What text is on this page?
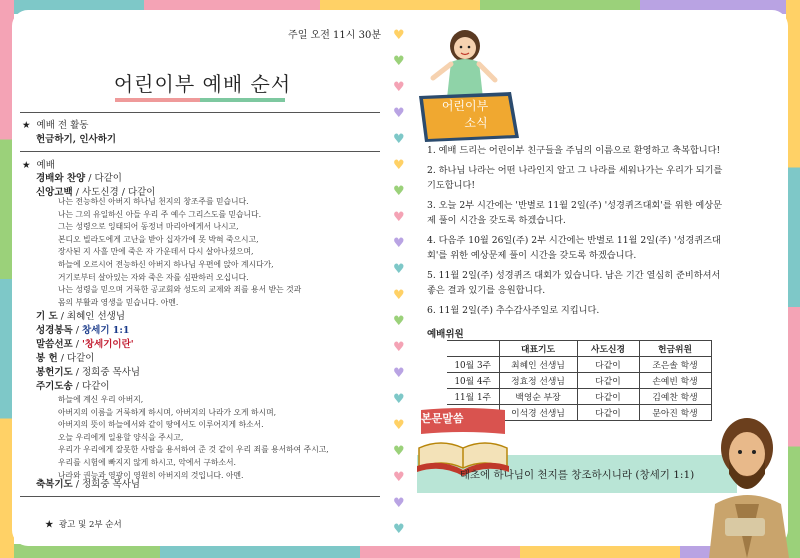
주일 오전 11시 30분
어린이부 예배 순서
★ 예배 전 활동
헌금하기, 인사하기
★ 예배
경배와 찬양 / 다같이
신앙고백 / 사도신경 / 다같이
나는 전능하신 아버지 하나님 천지의 창조주를 믿습니다.
나는 그의 유일하신 아들 우리 주 예수 그리스도를 믿습니다.
그는 성령으로 잉태되어 동정녀 마리아에게서 나시고,
본디오 빌라도에게 고난을 받아 십자가에 못 박혀 죽으시고,
장사된 지 사흘 만에 죽은 자 가운데서 다시 살아나셨으며,
하늘에 오르시어 전능하신 아버지 하나님 우편에 앉아 계시다가,
거기로부터 살아있는 자와 죽은 자를 심판하러 오십니다.
나는 성령을 믿으며 거룩한 공교회와 성도의 교제와 죄를 용서 받는 것과
몸의 부활과 영생을 믿습니다. 아멘.
기 도 / 최혜인 선생님
성경봉독 / 창세기 1:1
말씀선포 / '창세기이란'
봉 헌 / 다같이
봉헌기도 / 정희중 목사님
주기도송 / 다같이
하늘에 계신 우리 아버지,
아버지의 이름을 거룩하게 하시며, 아버지의 나라가 오게 하시며,
아버지의 뜻이 하늘에서와 같이 땅에서도 이루어지게 하소서.
오늘 우리에게 일용할 양식을 주시고,
우리가 우리에게 잘못한 사람을 용서하여 준 것 같이 우리 죄를 용서하여 주시고,
우리를 시험에 빠지지 않게 하시고, 악에서 구하소서.
나라와 권능과 영광이 영원히 아버지의 것입니다. 아멘.
축복기도 / 정희중 목사님
★ 광고 및 2부 순서
♥
♥
♥
♥
♥
♥
♥
♥
♥
♥
♥
♥
♥
♥
♥
♥
♥
♥
♥
♥
어린이부
소식
1. 예배 드리는 어린이부 친구들을 주님의 이름으로 환영하고 축복합니다!
2. 하나님 나라는 어떤 나라인지 알고 그 나라를 세워나가는 우리가 되기를 기도합니다!
3. 오늘 2부 시간에는 '반별로 11월 2일(주) '성경퀴즈대회'를 위한 예상문제 풀이 시간을 갖도록 하겠습니다.
4. 다음주 10월 26일(주) 2부 시간에는 반별로 11월 2일(주) '성경퀴즈대회'를 위한 예상문제 풀이 시간을 갖도록 하겠습니다.
5. 11월 2일(주) 성경퀴즈 대회가 있습니다. 남은 기간 열심히 준비하셔서 좋은 결과 있기를 응원합니다.
6. 11월 2일(주) 추수감사주일로 지킵니다.
예배위원
	대표기도	사도신경	헌금위원
10월 3주	최혜인 선생님	다같이	조은솔 학생
10월 4주	정효정 선생님	다같이	손예빈 학생
11월 1주	백영순 부장	다같이	김예찬 학생
	이석경 선생님	다같이	문아진 학생
본문말씀
태초에 하나님이 천지를 창조하시니라 (창세기 1:1)
